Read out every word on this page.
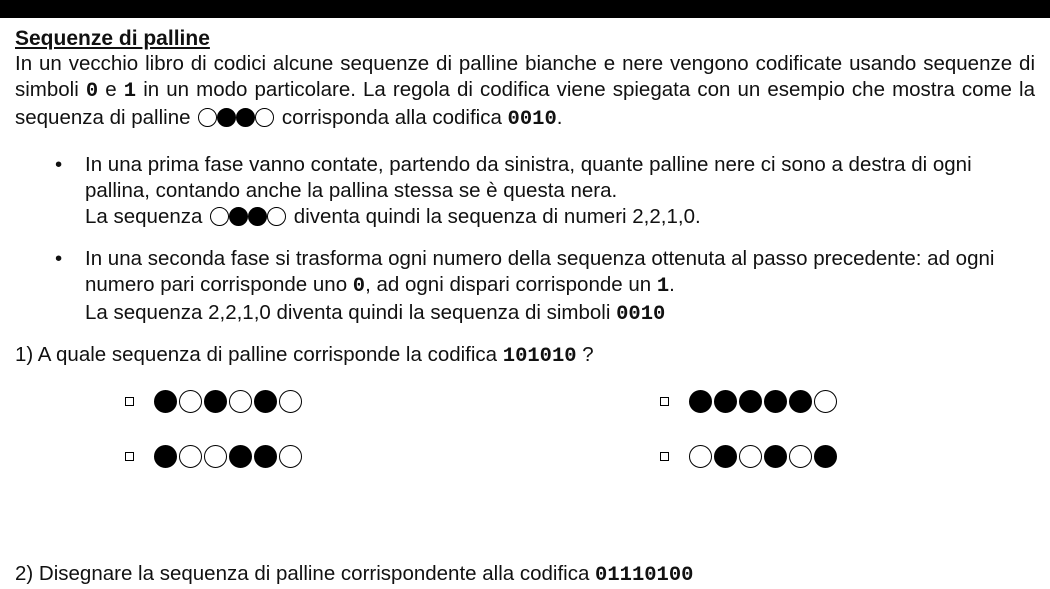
Sequenze di palline

In un vecchio libro di codici alcune sequenze di palline bianche e nere vengono codificate usando sequenze di simboli 0 e 1 in un modo particolare. La regola di codifica viene spiegata con un esempio che mostra come la sequenza di palline	corrisponda alla codifica 0010.

• In una prima fase vanno contate, partendo da sinistra, quante palline nere ci sono a destra di ogni pallina, contando anche la pallina stessa se è questa nera.
La sequenza	diventa quindi la sequenza di numeri 2,2,1,0.
• In una seconda fase si trasforma ogni numero della sequenza ottenuta al passo precedente: ad ogni numero pari corrisponde uno 0, ad ogni dispari corrisponde un 1.
La sequenza 2,2,1,0 diventa quindi la sequenza di simboli 0010

1) A quale sequenza di palline corrisponde la codifica 101010 ?

2) Disegnare la sequenza di palline corrispondente alla codifica 01110100
